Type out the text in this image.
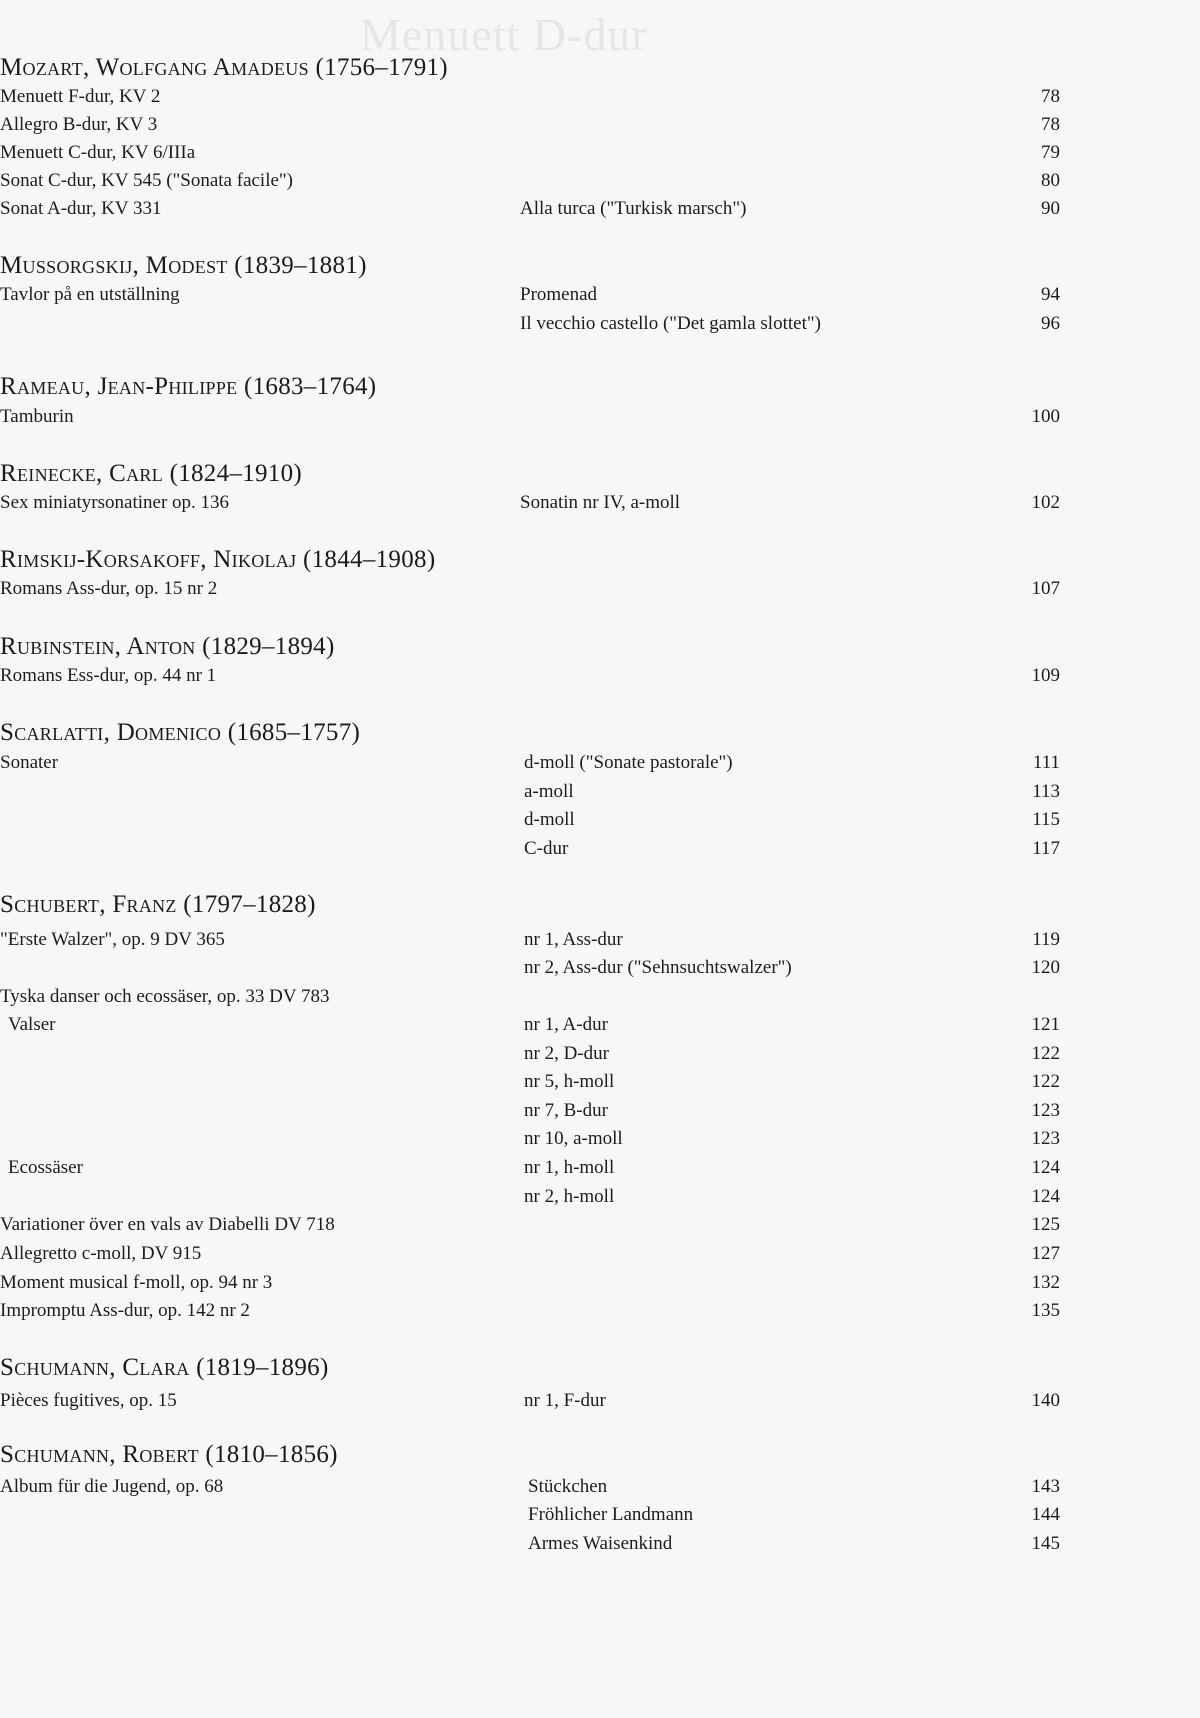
Menuett D-dur
Mozart, Wolfgang Amadeus (1756–1791)
Menuett F-dur, KV 2	78
Allegro B-dur, KV 3	78
Menuett C-dur, KV 6/IIIa	79
Sonat C-dur, KV 545 ("Sonata facile")	80
Sonat A-dur, KV 331	Alla turca ("Turkisk marsch")	90
Mussorgskij, Modest (1839–1881)
Tavlor på en utställning	Promenad	94
Il vecchio castello ("Det gamla slottet")	96
Rameau, Jean-Philippe (1683–1764)
Tamburin	100
Reinecke, Carl (1824–1910)
Sex miniatyrsonatiner op. 136	Sonatin nr IV, a-moll	102
Rimskij-Korsakoff, Nikolaj (1844–1908)
Romans Ass-dur, op. 15 nr 2	107
Rubinstein, Anton (1829–1894)
Romans Ess-dur, op. 44 nr 1	109
Scarlatti, Domenico (1685–1757)
Sonater	d-moll ("Sonate pastorale")	111
a-moll	113
d-moll	115
C-dur	117
Schubert, Franz (1797–1828)
"Erste Walzer", op. 9 DV 365	nr 1, Ass-dur	119
nr 2, Ass-dur ("Sehnsuchtswalzer")	120
Tyska danser och ecossäser, op. 33 DV 783
Valser	nr 1, A-dur	121
nr 2, D-dur	122
nr 5, h-moll	122
nr 7, B-dur	123
nr 10, a-moll	123
Ecossäser	nr 1, h-moll	124
nr 2, h-moll	124
Variationer över en vals av Diabelli DV 718	125
Allegretto c-moll, DV 915	127
Moment musical f-moll, op. 94 nr 3	132
Impromptu Ass-dur, op. 142 nr 2	135
Schumann, Clara (1819–1896)
Pièces fugitives, op. 15	nr 1, F-dur	140
Schumann, Robert (1810–1856)
Album für die Jugend, op. 68	Stückchen	143
Fröhlicher Landmann	144
Armes Waisenkind	145
